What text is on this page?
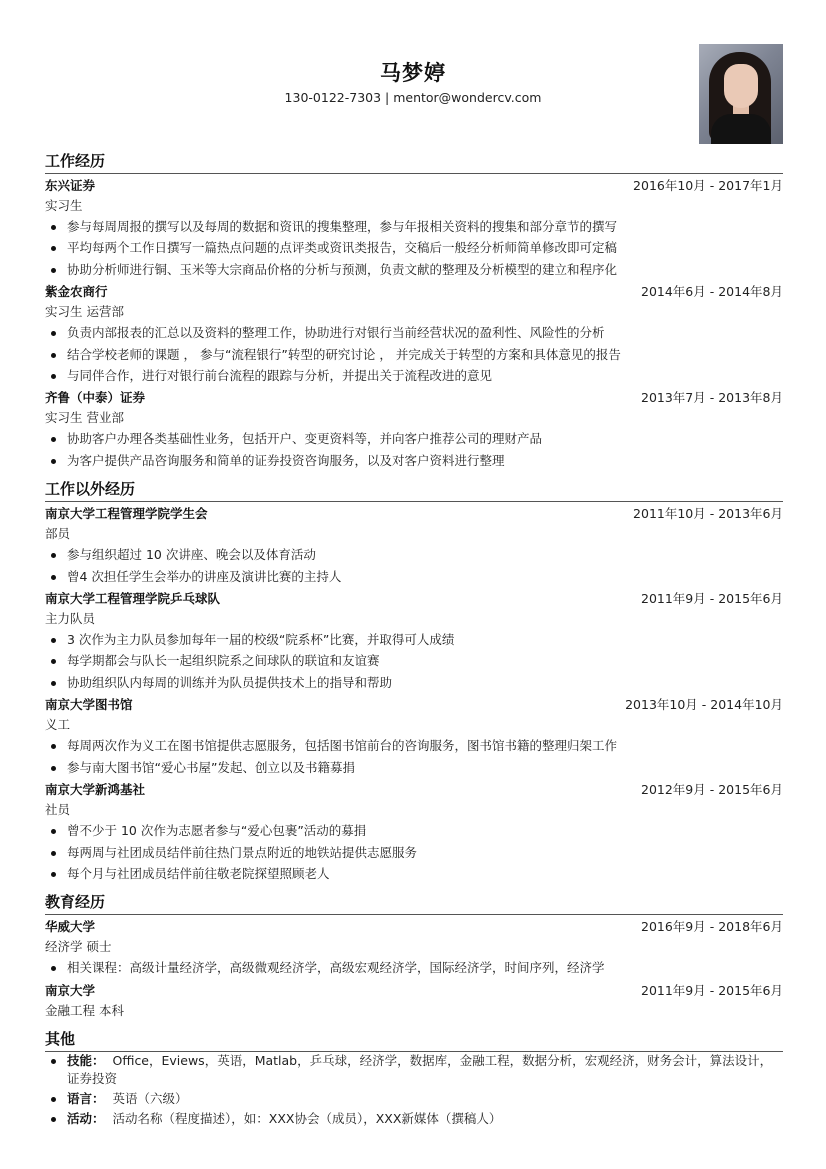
马梦婷
130-0122-7303 | mentor@wondercv.com
工作经历
东兴证券	2016年10月 - 2017年1月
实习生
参与每周周报的撰写以及每周的数据和资讯的搜集整理，参与年报相关资料的搜集和部分章节的撰写
平均每两个工作日撰写一篇热点问题的点评类或资讯类报告，交稿后一般经分析师简单修改即可定稿
协助分析师进行铜、玉米等大宗商品价格的分析与预测，负责文献的整理及分析模型的建立和程序化
紫金农商行	2014年6月 - 2014年8月
实习生 运营部
负责内部报表的汇总以及资料的整理工作，协助进行对银行当前经营状况的盈利性、风险性的分析
结合学校老师的课题 ， 参与“流程银行”转型的研究讨论 ， 并完成关于转型的方案和具体意见的报告
与同伴合作，进行对银行前台流程的跟踪与分析，并提出关于流程改进的意见
齐鲁（中泰）证券	2013年7月 - 2013年8月
实习生 营业部
协助客户办理各类基础性业务，包括开户、变更资料等，并向客户推荐公司的理财产品
为客户提供产品咨询服务和简单的证券投资咨询服务，以及对客户资料进行整理
工作以外经历
南京大学工程管理学院学生会	2011年10月 - 2013年6月
部员
参与组织超过 10 次讲座、晚会以及体育活动
曾4 次担任学生会举办的讲座及演讲比赛的主持人
南京大学工程管理学院乒乓球队	2011年9月 - 2015年6月
主力队员
3 次作为主力队员参加每年一届的校级“院系杯”比赛，并取得可人成绩
每学期都会与队长一起组织院系之间球队的联谊和友谊赛
协助组织队内每周的训练并为队员提供技术上的指导和帮助
南京大学图书馆	2013年10月 - 2014年10月
义工
每周两次作为义工在图书馆提供志愿服务，包括图书馆前台的咨询服务，图书馆书籍的整理归架工作
参与南大图书馆“爱心书屋”发起、创立以及书籍募捐
南京大学新鸿基社	2012年9月 - 2015年6月
社员
曾不少于 10 次作为志愿者参与“爱心包裹”活动的募捐
每两周与社团成员结伴前往热门景点附近的地铁站提供志愿服务
每个月与社团成员结伴前往敬老院探望照顾老人
教育经历
华威大学	2016年9月 - 2018年6月
经济学 硕士
相关课程：高级计量经济学，高级微观经济学，高级宏观经济学，国际经济学，时间序列，经济学
南京大学	2011年9月 - 2015年6月
金融工程 本科
其他
技能： Office，Eviews，英语，Matlab，乒乓球，经济学，数据库，金融工程，数据分析，宏观经济，财务会计，算法设计，证券投资
语言： 英语（六级）
活动： 活动名称（程度描述），如：XXX协会（成员），XXX新媒体（撰稿人）
